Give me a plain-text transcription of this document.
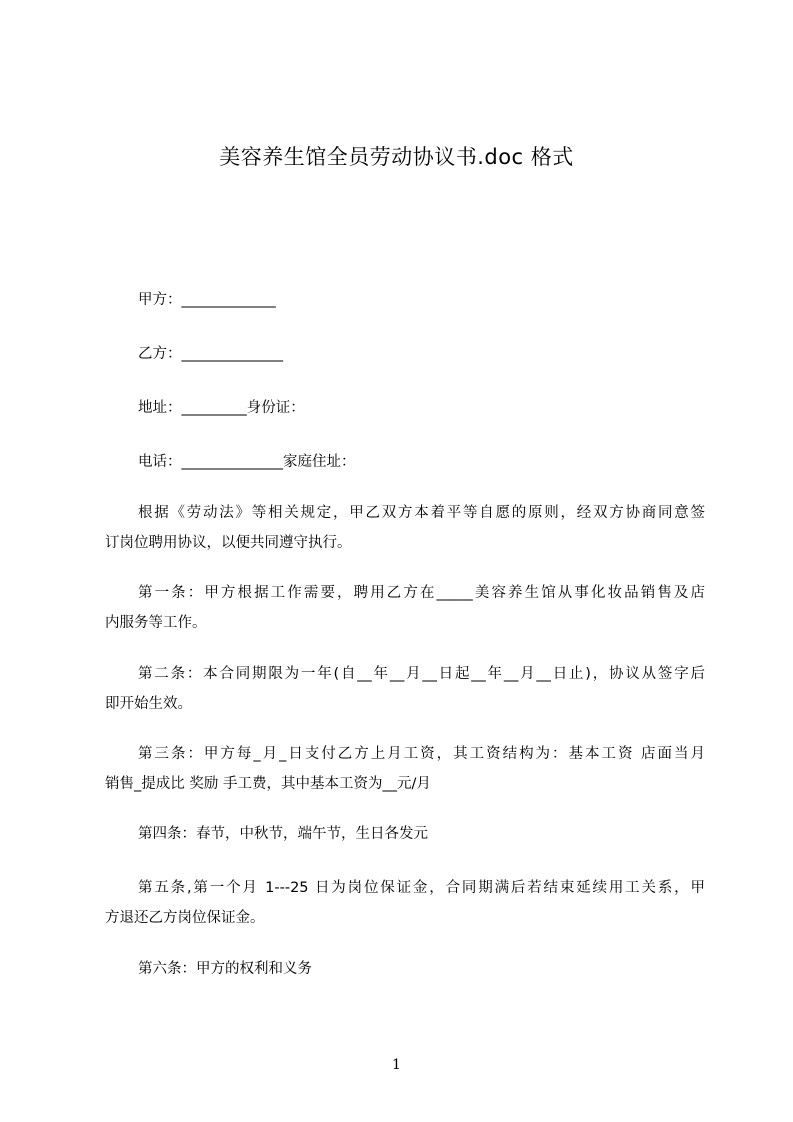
美容养生馆全员劳动协议书.doc 格式
甲方：_____________
乙方：______________
地址：_________身份证：
电话：______________家庭住址：
根据《劳动法》等相关规定，甲乙双方本着平等自愿的原则，经双方协商同意签
订岗位聘用协议，以便共同遵守执行。
第一条：甲方根据工作需要，聘用乙方在_____美容养生馆从事化妆品销售及店
内服务等工作。
第二条：本合同期限为一年(自__年__月__日起__年__月__日止)，协议从签字后
即开始生效。
第三条：甲方每_月_日支付乙方上月工资，其工资结构为：基本工资 店面当月
销售_提成比 奖励 手工费，其中基本工资为__元/月
第四条：春节，中秋节，端午节，生日各发元
第五条,第一个月 1---25 日为岗位保证金，合同期满后若结束延续用工关系，甲
方退还乙方岗位保证金。
第六条：甲方的权利和义务
1
